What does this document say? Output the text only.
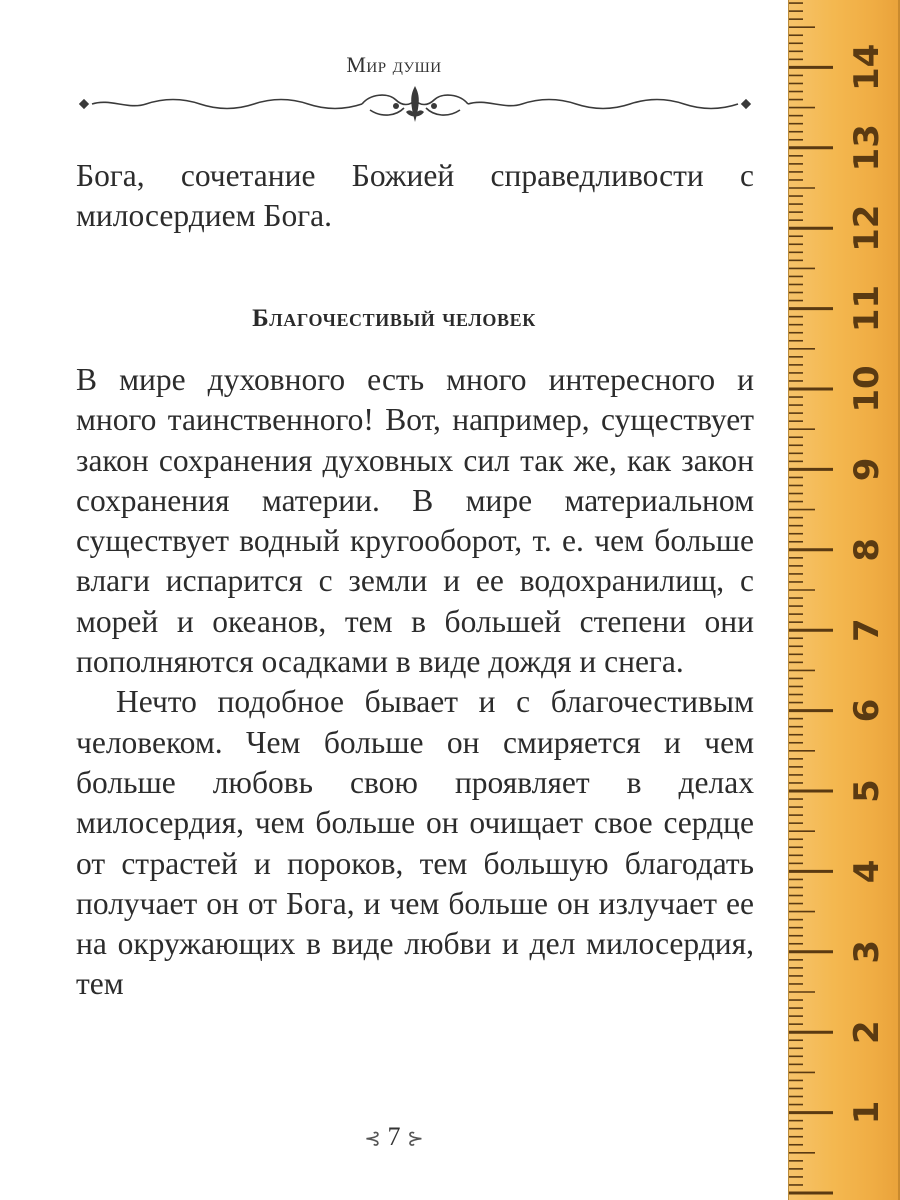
Мир души

Бога, сочетание Божией справедливости с милосердием Бога.

Благочестивый человек

В мире духовного есть много интересного и много таинственного! Вот, например, существует закон сохранения духовных сил так же, как закон сохранения материи. В мире материальном существует водный кругооборот, т. е. чем больше влаги испарится с земли и ее водохранилищ, с морей и океанов, тем в большей степени они пополняются осадками в виде дождя и снега.

Нечто подобное бывает и с благочестивым человеком. Чем больше он смиряется и чем больше любовь свою проявляет в делах милосердия, чем больше он очищает свое сердце от страстей и пороков, тем большую благодать получает он от Бога, и чем больше он излучает ее на окружающих в виде любви и дел милосердия, тем

⊰ 7 ⊱
1
2
3
4
5
6
7
8
9
10
11
12
13
14
